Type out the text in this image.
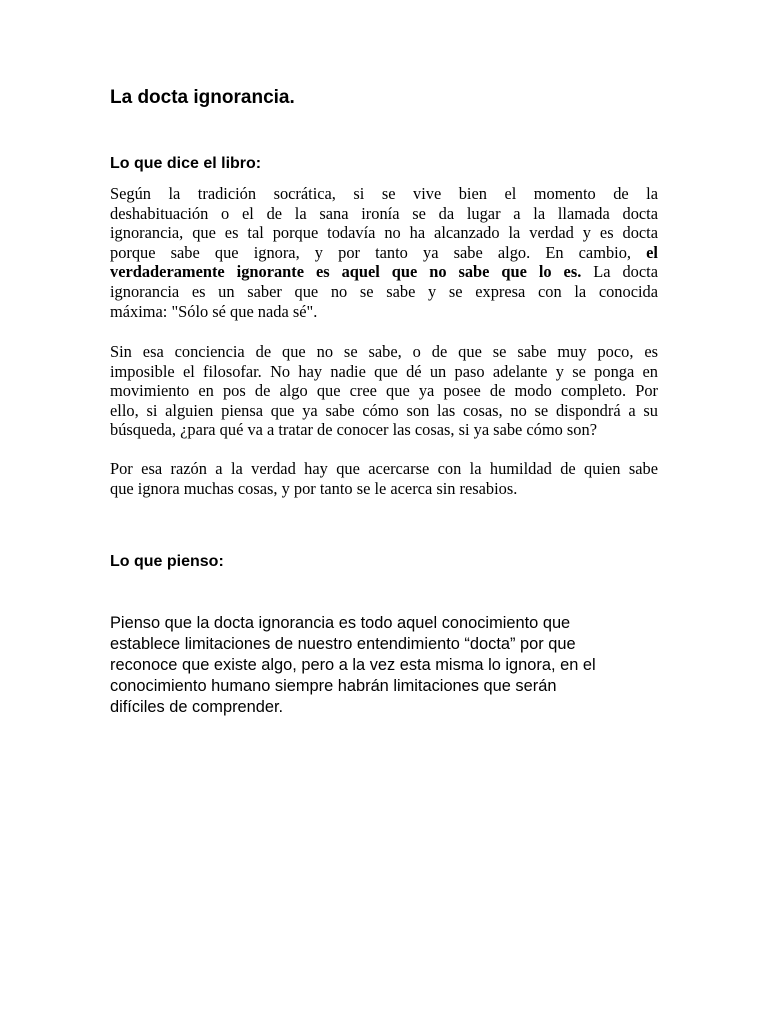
La docta ignorancia.
Lo que dice el libro:
Según la tradición socrática, si se vive bien el momento de la
deshabituación o el de la sana ironía se da lugar a la llamada docta
ignorancia, que es tal porque todavía no ha alcanzado la verdad y es docta
porque sabe que ignora, y por tanto ya sabe algo. En cambio, el
verdaderamente ignorante es aquel que no sabe que lo es. La docta
ignorancia es un saber que no se sabe y se expresa con la conocida
máxima: "Sólo sé que nada sé".
Sin esa conciencia de que no se sabe, o de que se sabe muy poco, es
imposible el filosofar. No hay nadie que dé un paso adelante y se ponga en
movimiento en pos de algo que cree que ya posee de modo completo. Por
ello, si alguien piensa que ya sabe cómo son las cosas, no se dispondrá a su
búsqueda, ¿para qué va a tratar de conocer las cosas, si ya sabe cómo son?
Por esa razón a la verdad hay que acercarse con la humildad de quien sabe
que ignora muchas cosas, y por tanto se le acerca sin resabios.
Lo que pienso:
Pienso que la docta ignorancia es todo aquel conocimiento que
establece limitaciones de nuestro entendimiento “docta” por que
reconoce que existe algo, pero a la vez esta misma lo ignora, en el
conocimiento humano siempre habrán limitaciones que serán
difíciles de comprender.
